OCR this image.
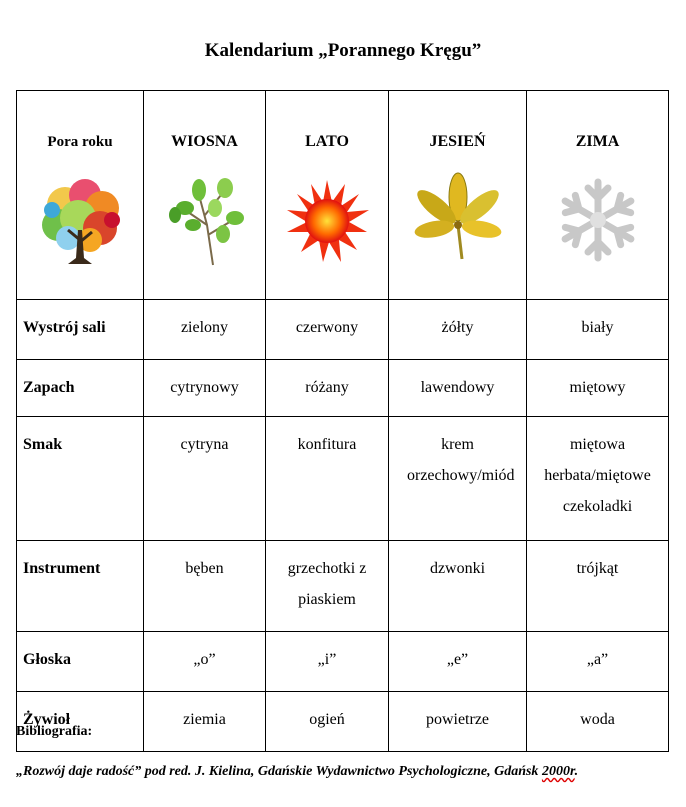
Kalendarium „Porannego Kręgu”
Pora roku	WIOSNA	LATO	JESIEŃ	ZIMA

Wystrój sali	zielony	czerwony	żółty	biały
Zapach	cytrynowy	różany	lawendowy	miętowy
Smak	cytryna	konfitura	krem orzechowy/miód	miętowa herbata/miętowe czekoladki
Instrument	bęben	grzechotki z piaskiem	dzwonki	trójkąt
Głoska	„o”	„i”	„e”	„a”
Żywioł	ziemia	ogień	powietrze	woda
Bibliografia:
„Rozwój daje radość” pod red. J. Kielina, Gdańskie Wydawnictwo Psychologiczne, Gdańsk 2000r.
